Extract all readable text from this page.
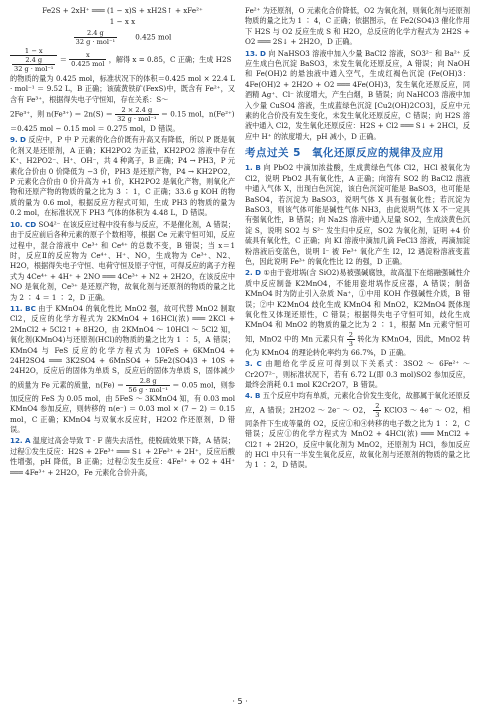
Fe2S + 2xH⁺ ═══ (1 − x)S + xH2S↑ + xFe²⁺

1 − x x

$\frac{2.4 g}{\text{32 g · mol⁻¹}}$	0.425 mol

$\frac{1 - x}{\frac{2.4 g}{\text{32 g · mol⁻¹}}} = \frac{x}{\text{0.425 mol}}$ ，解得 x = 0.85，C 正确；生成 H2S

的物质的量为 0.425 mol，标准状况下的体积＝0.425 mol × 22.4 L · mol⁻¹ ＝ 9.52 L，B 正确；该硫黄铁矿(FexS)中，既含有 Fe²⁺，又含有 Fe³⁺，根据得失电子守恒知，存在关系：S～

2Fe³⁺，则 $n(Fe^{3+}) = 2n(S) = \frac{2 \times 2.4 g}{\text{32 g · mol⁻¹}} = 0.15$ mol，n(Fe²⁺)

＝0.425 mol − 0.15 mol ＝ 0.275 mol，D 错误。

9. D 反应中，P 中 P 元素的化合价既有升高又有降低，所以 P 既是氧化剂又是还原剂，A 正确；KH2PO2 为正盐，KH2PO2 溶液中存在 K⁺、H2PO2⁻、H⁺、OH⁻，共 4 种离子，B 正确；P4 → PH3，P 元素化合价由 0 价降低为 −3 价，PH3 是还原产物，P4 → KH2PO2，P 元素化合价由 0 价升高为 +1 价，KH2PO2 是氧化产物，则氧化产物和还原产物的物质的量之比为 3 ∶ 1，C 正确；33.6 g KOH 的物质的量为 0.6 mol，根据反应方程式可知，生成 PH3 的物质的量为 0.2 mol，在标准状况下 PH3 气体的体积为 4.48 L，D 错误。

10. CD SO4²⁻ 在该反应过程中没有参与反应，不是催化剂，A 错误；由于反应前后各种元素的原子个数相等，根据 Ce 元素守恒可知，反应过程中，混合溶液中 Ce³⁺ 和 Ce⁴⁺ 的总数不变，B 错误；当 x＝1 时，反应Ⅱ的反应物为 Ce⁴⁺、H⁺、NO，生成物为 Ce³⁺、N2、H2O，根据得失电子守恒、电荷守恒及原子守恒，可得反应的离子方程式为 4Ce⁴⁺ + 4H⁺ + 2NO ═══ 4Ce³⁺ + N2 + 2H2O，在该反应中 NO 是氧化剂，Ce³⁺ 是还原产物，故氧化剂与还原剂的物质的量之比为 2 ∶ 4 ＝ 1 ∶ 2，D 正确。

11. BC 由于 KMnO4 的氧化性比 MnO2 强，故可代替 MnO2 制取 Cl2，反应的化学方程式为 2KMnO4 + 16HCl(浓) ═══ 2KCl + 2MnCl2 + 5Cl2↑ + 8H2O，由 2KMnO4 ～ 10HCl ～ 5Cl2 知，氧化剂(KMnO4)与还原剂(HCl)的物质的量之比为 1 ∶ 5，A 错误；KMnO4 与 FeS 反应的化学方程式为 10FeS + 6KMnO4 + 24H2SO4 ═══ 3K2SO4 + 6MnSO4 + 5Fe2(SO4)3 + 10S + 24H2O，反应后的固体为单质 S，反应后的固体为单质 S，固体减少的质量为 Fe 元素的质量，$n(Fe) = \frac{2.8 g}{\text{56 g · mol⁻¹}} = 0.05$ mol，则参加反应的 FeS 为 0.05 mol，由 5FeS ～ 3KMnO4 知，有 0.03 mol KMnO4 参加反应，则转移的 n(e⁻) ＝ 0.03 mol × (7 − 2) ＝ 0.15 mol，C 正确；KMnO4 与双氧水反应时，H2O2 作还原剂，D 错误。

12. A 温度过高会导致 T · F 菌失去活性，使脱硫效果下降，A 错误；过程①发生反应：H2S + 2Fe³⁺ ═══ S↓ + 2Fe²⁺ + 2H⁺，反应后酸性增强，pH 降低，B 正确；过程②发生反应：4Fe²⁺ + O2 + 4H⁺ ═══ 4Fe³⁺ + 2H2O，Fe 元素化合价升高，

Fe²⁺ 为还原剂，O 元素化合价降低，O2 为氧化剂，则氧化剂与还原剂物质的量之比为 1 ∶ 4，C 正确；依据图示，在 Fe2(SO4)3 催化作用下 H2S 与 O2 反应生成 S 和 H2O，总反应的化学方程式为 2H2S + O2 ═══ 2S↓ + 2H2O，D 正确。

13. D 向 NaHSO3 溶液中加入少量 BaCl2 溶液，SO3²⁻ 和 Ba²⁺ 反应生成白色沉淀 BaSO3，未发生氧化还原反应，A 错误；向 NaOH 和 Fe(OH)2 的悬浊液中通入空气，生成红褐色沉淀 (Fe(OH)3：4Fe(OH)2 + 2H2O + O2 ═══ 4Fe(OH)3，发生氧化还原反应，同酒精 Ag⁺、Cl⁻ 浓度增大，产生白烟，B 错误；向 NaHCO3 溶液中加入少量 CuSO4 溶液，生成蓝绿色沉淀 [Cu2(OH)2CO3]，反应中元素的化合价没有发生变化，未发生氧化还原反应，C 错误；向 H2S 溶液中通入 Cl2，发生氧化还原反应：H2S + Cl2 ═══ S↓ + 2HCl，反应中 H⁺ 的浓度增大，pH 减小，D 正确。

考点过关 5　氧化还原反应的规律及应用

1. B 向 PbO2 中滴加浓盐酸，生成黄绿色气体 Cl2，HCl 被氧化为 Cl2，说明 PbO2 具有氧化性，A 正确；向溶有 SO2 的 BaCl2 溶液中通入气体 X，出现白色沉淀，该白色沉淀可能是 BaSO3，也可能是 BaSO4，若沉淀为 BaSO3，说明气体 X 具有强氧化性；若沉淀为 BaSO3，则该气体可能是碱性气体 NH3，由此说明气体 X 不一定具有强氧化性，B 错误；向 Na2S 溶液中通入足量 SO2，生成淡黄色沉淀 S，说明 SO2 与 S²⁻ 发生归中反应，SO2 为氧化剂，证明 +4 价硫具有氧化性，C 正确；向 KI 溶液中滴加几滴 FeCl3 溶液，再滴加淀粉溶液后变蓝色，说明 I⁻ 被 Fe³⁺ 氧化产生 I2，I2 遇淀粉溶液变蓝色，因此说明 Fe³⁺ 的氧化性比 I2 的强，D 正确。

2. D ①由于瓷坩埚(含 SiO2)易被强碱腐蚀，故高温下在熔融强碱性介质中反应制备 K2MnO4，不能用瓷坩埚作反应器，A 错误；制备 KMnO4 时为防止引入杂质 Na⁺，①中用 KOH 作强碱性介质，B 错误；②中 K2MnO4 歧化生成 KMnO4 和 MnO2，K2MnO4 既体现氧化性又体现还原性，C 错误；根据得失电子守恒可知，歧化生成 KMnO4 和 MnO2 的物质的量之比为 2 ∶ 1，根据 Mn 元素守恒可知，MnO2 中的 Mn 元素只有 $\frac{2}{3}$ 转化为 KMnO4，因此，MnO2 转化为 KMnO4 的理论转化率约为 66.7%，D 正确。

3. C 由题给化学反应可得到以下关系式：3SO2 ～ 6Fe²⁺ ～ Cr2O7²⁻，则标准状况下，若有 6.72 L(即 0.3 mol)SO2 参加反应，最终会消耗 0.1 mol K2Cr2O7，B 错误。

4. B 五个反应中均有单质，元素化合价发生变化，故都属于氧化还原反应，A 错误；2H2O2 ～ 2e⁻ ～ O2， $\frac{2}{3}$ KClO3 ～ 4e⁻ ～ O2，相同条件下生成等量的 O2，反应①和④转移的电子数之比为 1 ∶ 2，C 错误；反应①的化学方程式为 MnO2 + 4HCl(浓) ═══ MnCl2 + Cl2↑ + 2H2O，反应中氧化剂为 MnO2，还原剂为 HCl，参加反应的 HCl 中只有一半发生氧化反应，故氧化剂与还原剂的物质的量之比为 1 ∶ 2，D 错误。

· 5 ·
